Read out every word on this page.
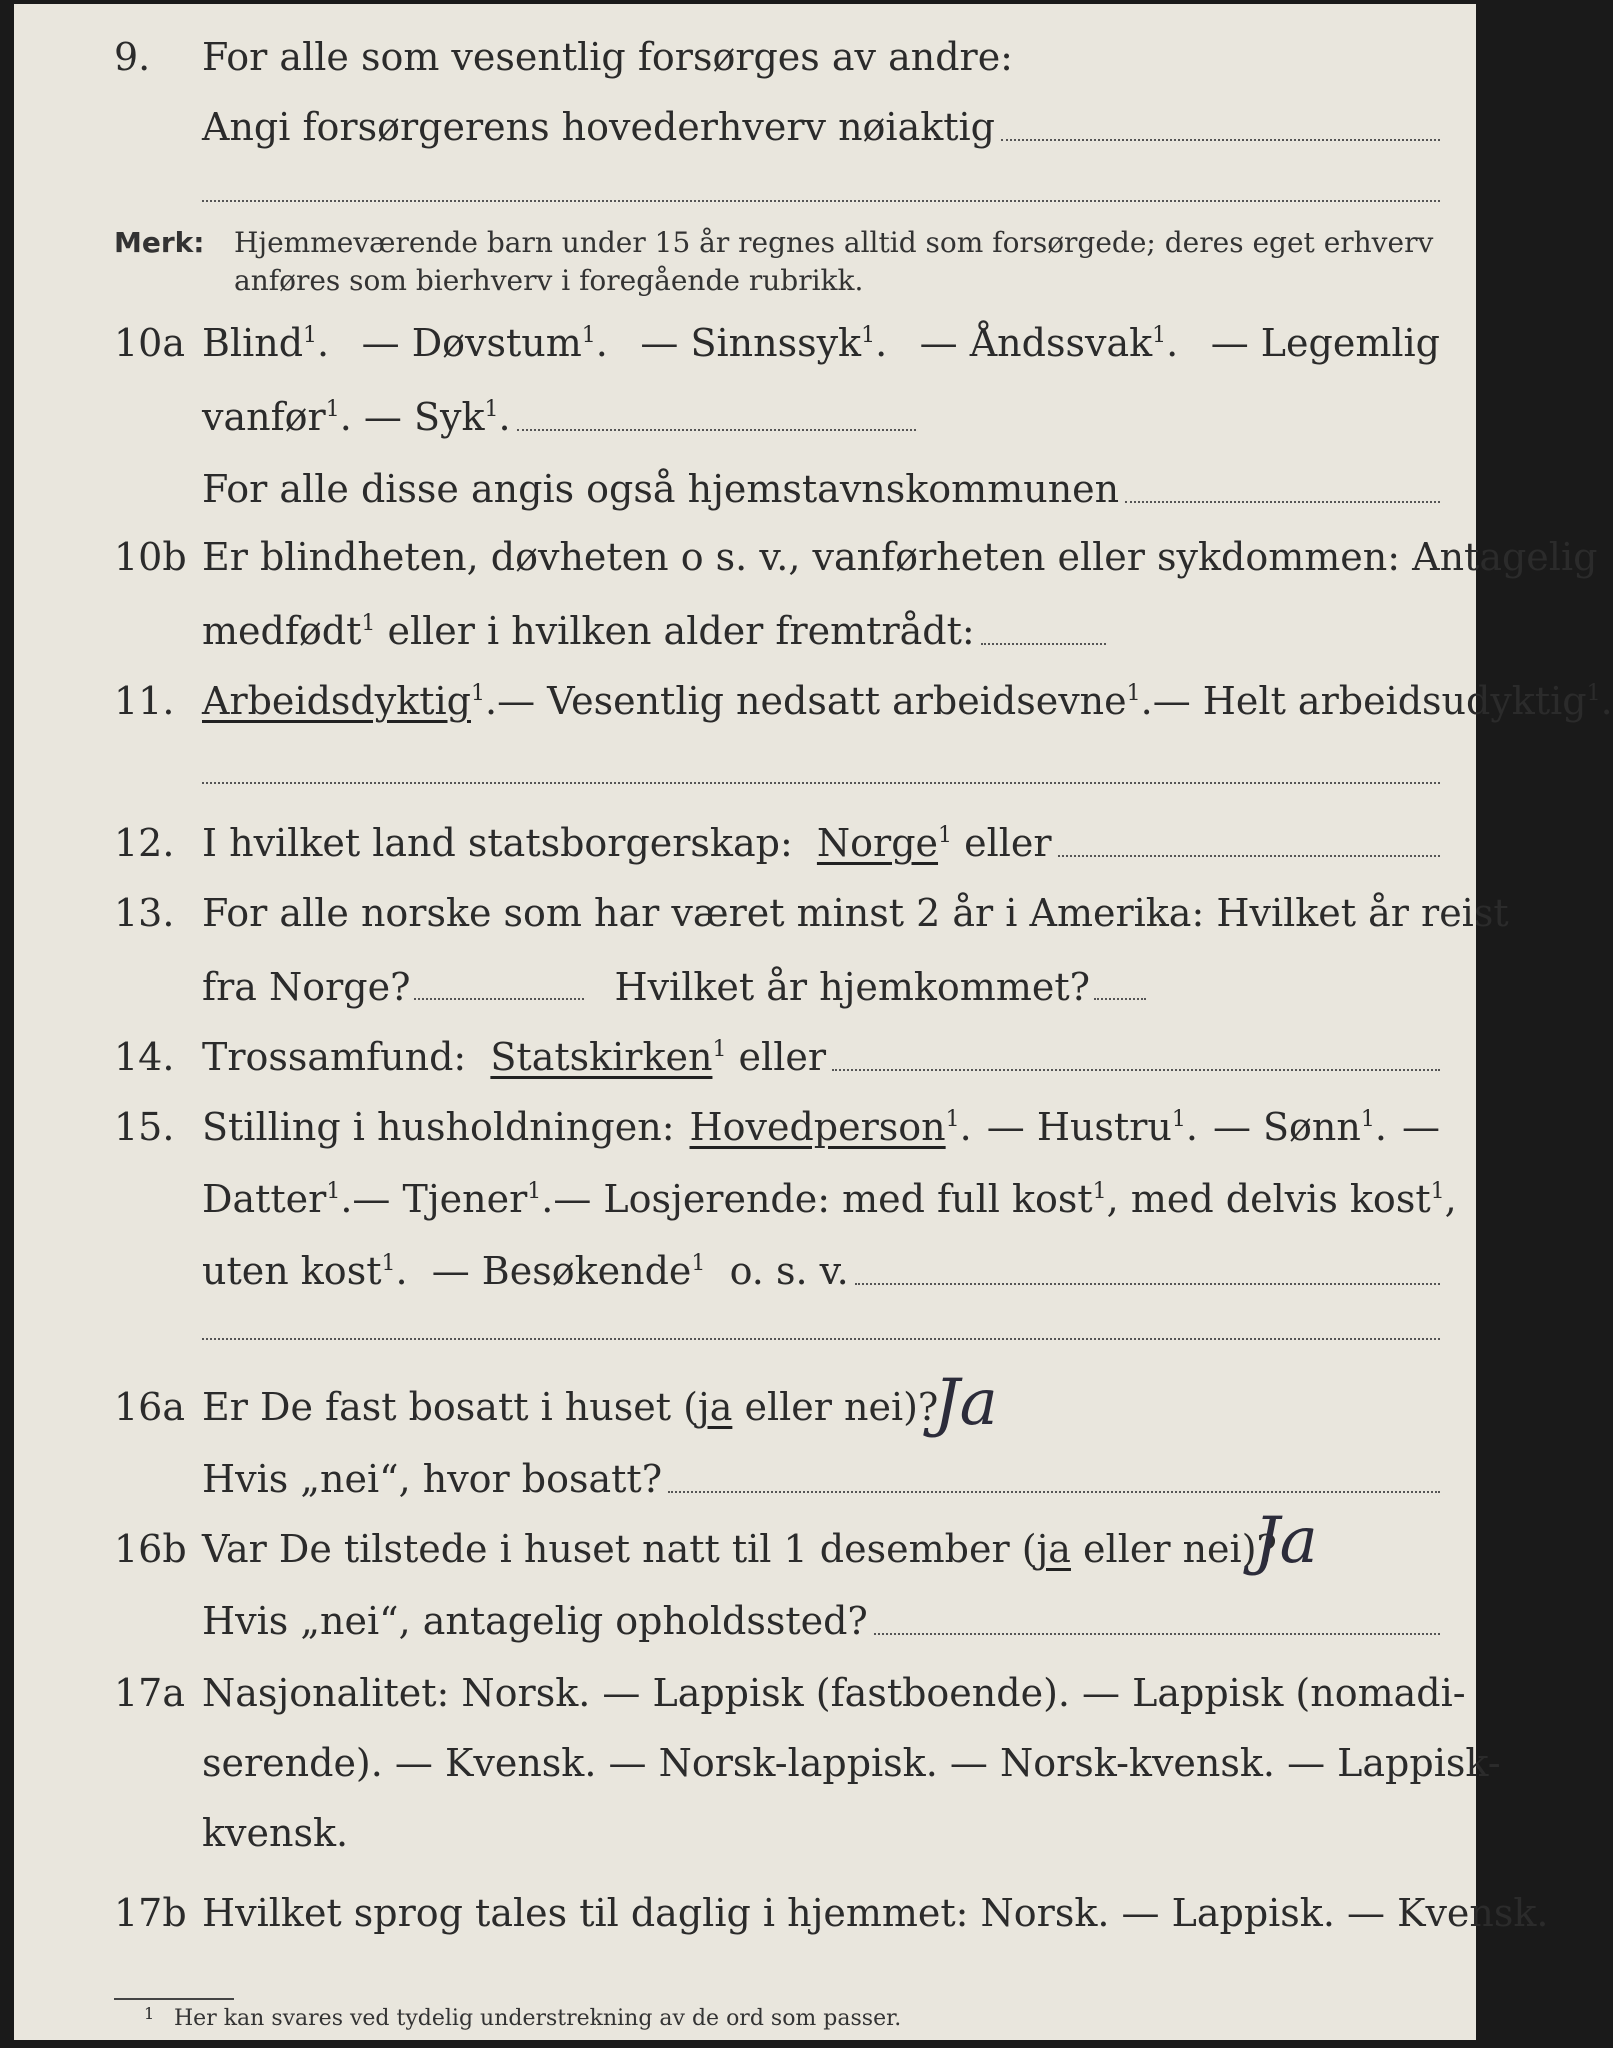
9.	For alle som vesentlig forsørges av andre:
Angi forsørgerens hovederhverv nøiaktig
Merk: Hjemmeværende barn under 15 år regnes alltid som forsørgede; deres eget erhverv
anføres som bierhverv i foregående rubrikk.
10a Blind$^1$. — Døvstum$^1$. — Sinnssyk$^1$. — Åndssvak$^1$. — Legemlig
vanfør$^1$. — Syk$^1$.
For alle disse angis også hjemstavnskommunen
10b Er blindheten, døvheten o s. v., vanførheten eller sykdommen: Antagelig
medfødt$^1$ eller i hvilken alder fremtrådt:
11. Arbeidsdyktig$^1$. — Vesentlig nedsatt arbeidsevne$^1$. — Helt arbeidsudyktig$^1$.
12. I hvilket land statsborgerskap:
Norge$^1$
eller
13. For alle norske som har været minst 2 år i Amerika: Hvilket år reist
fra Norge?	Hvilket år hjemkommet?
14. Trossamfund:
Statskirken$^1$
eller
15. Stilling i husholdningen: Hovedperson$^1$. — Hustru$^1$. — Sønn$^1$. —
Datter$^1$. — Tjener$^1$. — Losjerende: med full kost$^1$ , med delvis kost$^1$,
uten kost$^1$. — Besøkende$^1$ o. s. v.
16a Er De fast bosatt i huset ( ja
eller nei)?
Ja
Hvis „nei“, hvor bosatt?
16b Var De tilstede i huset natt til 1 desember ( ja
eller nei)?
Ja
Hvis „nei“, antagelig opholdssted?
17a Nasjonalitet: Norsk. — Lappisk (fastboende). — Lappisk (nomadi-
serende). — Kvensk. — Norsk-lappisk. — Norsk-kvensk. — Lappisk-
kvensk.
17b Hvilket sprog tales til daglig i hjemmet: Norsk. — Lappisk. — Kvensk.
1 Her kan svares ved tydelig understrekning av de ord som passer.
